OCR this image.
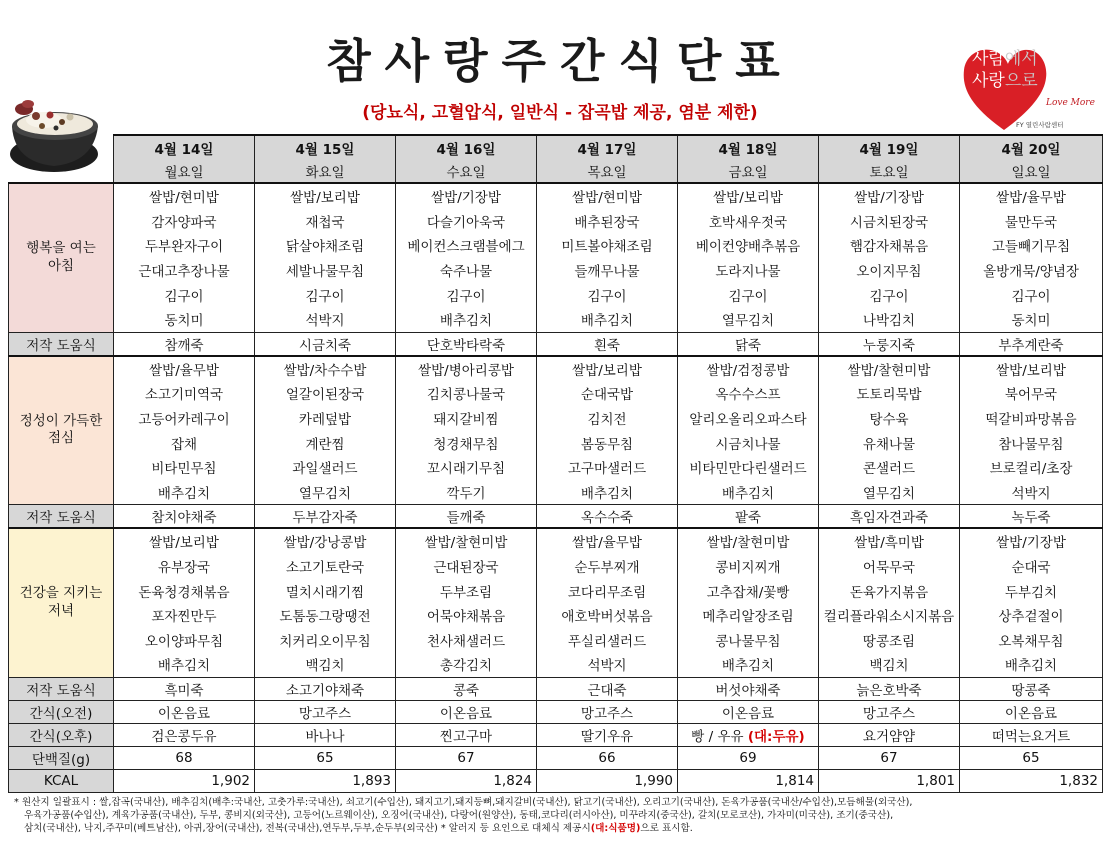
참사랑주간식단표
(당뇨식, 고혈압식, 일반식 - 잡곡밥 제공, 염분 제한)
사람에서
사랑으로
Love More
FY 열린사람센터
	4월 14일	4월 15일	4월 16일	4월 17일	4월 18일	4월 19일	4월 20일
	월요일	화요일	수요일	목요일	금요일	토요일	일요일
행복을 여는
아침	쌀밥/현미밥	쌀밥/보리밥	쌀밥/기장밥	쌀밥/현미밥	쌀밥/보리밥	쌀밥/기장밥	쌀밥/율무밥
	감자양파국	재첩국	다슬기아욱국	배추된장국	호박새우젓국	시금치된장국	물만두국
	두부완자구이	닭살야채조림	베이컨스크램블에그	미트볼야채조림	베이컨양배추볶음	햄감자채볶음	고들빼기무침
	근대고추장나물	세발나물무침	숙주나물	들깨무나물	도라지나물	오이지무침	올방개묵/양념장
	김구이	김구이	김구이	김구이	김구이	김구이	김구이
	동치미	석박지	배추김치	배추김치	열무김치	나박김치	동치미
저작 도움식	참깨죽	시금치죽	단호박타락죽	흰죽	닭죽	누룽지죽	부추계란죽
정성이 가득한
점심	쌀밥/율무밥	쌀밥/차수수밥	쌀밥/병아리콩밥	쌀밥/보리밥	쌀밥/검정콩밥	쌀밥/찰현미밥	쌀밥/보리밥
	소고기미역국	얼갈이된장국	김치콩나물국	순대국밥	옥수수스프	도토리묵밥	북어무국
	고등어카레구이	카레덮밥	돼지갈비찜	김치전	알리오올리오파스타	탕수육	떡갈비파망볶음
	잡채	계란찜	청경채무침	봄동무침	시금치나물	유채나물	참나물무침
	비타민무침	과일샐러드	꼬시래기무침	고구마샐러드	비타민만다린샐러드	콘샐러드	브로컬리/초장
	배추김치	열무김치	깍두기	배추김치	배추김치	열무김치	석박지
저작 도움식	참치야채죽	두부감자죽	들깨죽	옥수수죽	팥죽	흑임자견과죽	녹두죽
건강을 지키는
저녁	쌀밥/보리밥	쌀밥/강낭콩밥	쌀밥/찰현미밥	쌀밥/율무밥	쌀밥/찰현미밥	쌀밥/흑미밥	쌀밥/기장밥
	유부장국	소고기토란국	근대된장국	순두부찌개	콩비지찌개	어묵무국	순대국
	돈육청경채볶음	멸치시래기찜	두부조림	코다리무조림	고추잡채/꽃빵	돈육가지볶음	두부김치
	포자찐만두	도톰동그랑땡전	어묵야채볶음	애호박버섯볶음	메추리알장조림	컬리플라워소시지볶음	상추겉절이
	오이양파무침	치커리오이무침	천사채샐러드	푸실리샐러드	콩나물무침	땅콩조림	오복채무침
	배추김치	백김치	총각김치	석박지	배추김치	백김치	배추김치
저작 도움식	흑미죽	소고기야채죽	콩죽	근대죽	버섯야채죽	늙은호박죽	땅콩죽
간식(오전)	이온음료	망고주스	이온음료	망고주스	이온음료	망고주스	이온음료
간식(오후)	검은콩두유	바나나	찐고구마	딸기우유	빵 / 우유 (대:두유)	요거얌얌	떠먹는요거트
단백질(g)	68	65	67	66	69	67	65
KCAL	1,902	1,893	1,824	1,990	1,814	1,801	1,832
* 원산지 일괄표시 : 쌀,잡곡(국내산), 배추김치(배추:국내산, 고춧가루:국내산), 쇠고기(수입산), 돼지고기,돼지등뼈,돼지갈비(국내산), 닭고기(국내산), 오리고기(국내산), 돈육가공품(국내산/수입산),모듬해물(외국산),
우육가공품(수입산), 계육가공품(국내산), 두부, 콩비지(외국산), 고등어(노르웨이산), 오징어(국내산), 다랑어(원양산), 동태,코다리(러시아산), 미꾸라지(중국산), 갈치(모로코산), 가자미(미국산), 조기(중국산),
삼치(국내산), 낙지,주꾸미(베트남산), 아귀,장어(국내산), 전복(국내산),연두부,두부,순두부(외국산) * 알러지 등 요인으로 대체식 제공시(대:식품명)으로 표시함.
